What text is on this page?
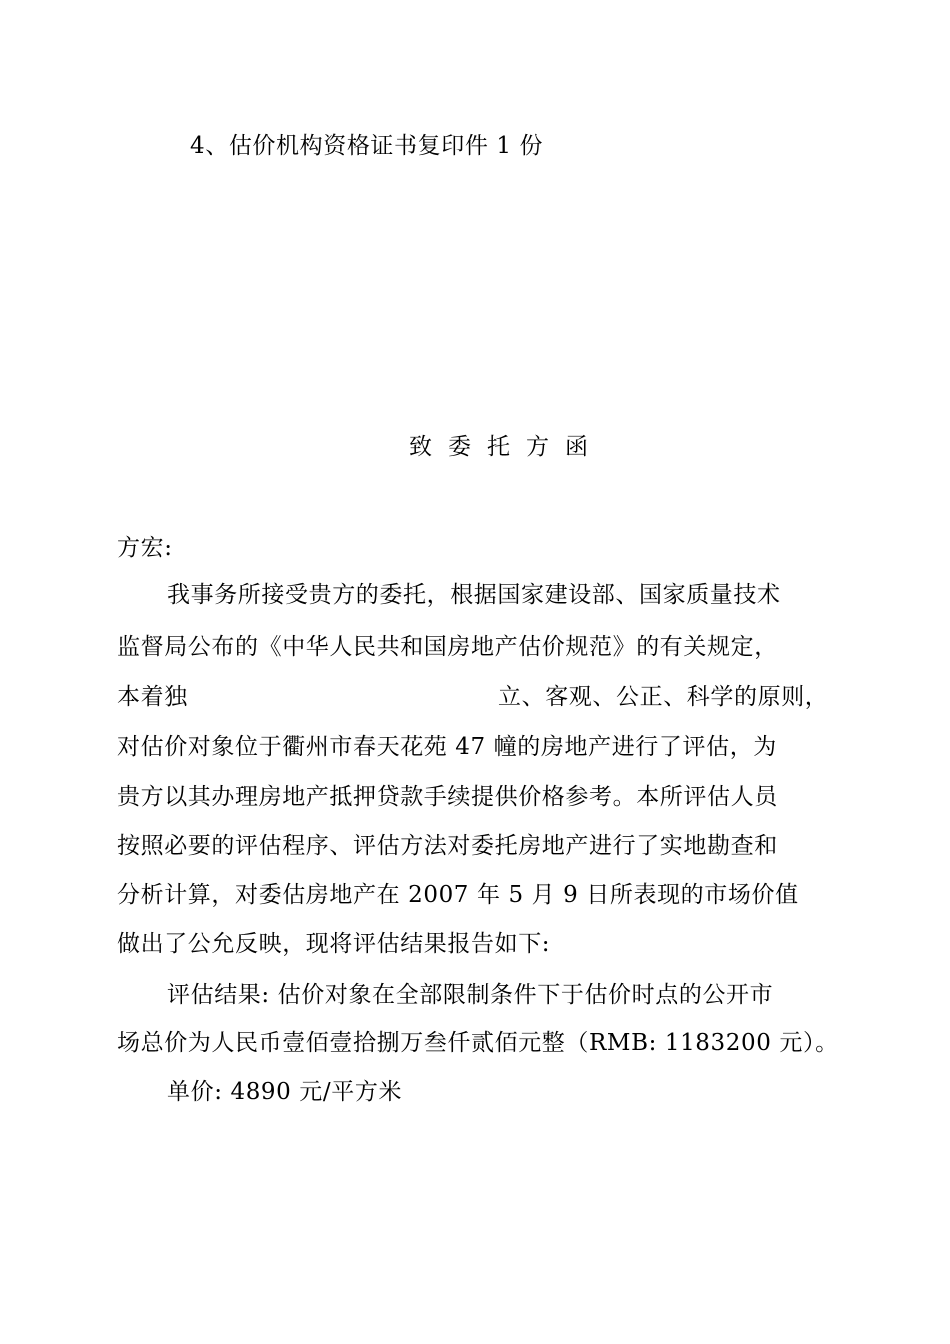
4、估价机构资格证书复印件 1 份
致委托方函
方宏:
我事务所接受贵方的委托，根据国家建设部、国家质量技术
监督局公布的《中华人民共和国房地产估价规范》的有关规定，
本着独	立、客观、公正、科学的原则，
对估价对象位于衢州市春天花苑 47 幢的房地产进行了评估，为
贵方以其办理房地产抵押贷款手续提供价格参考。本所评估人员
按照必要的评估程序、评估方法对委托房地产进行了实地勘查和
分析计算，对委估房地产在 2007 年 5 月 9 日所表现的市场价值
做出了公允反映，现将评估结果报告如下:
评估结果: 估价对象在全部限制条件下于估价时点的公开市
场总价为人民币壹佰壹拾捌万叁仟贰佰元整（RMB: 1183200 元）。
单价: 4890 元/平方米
